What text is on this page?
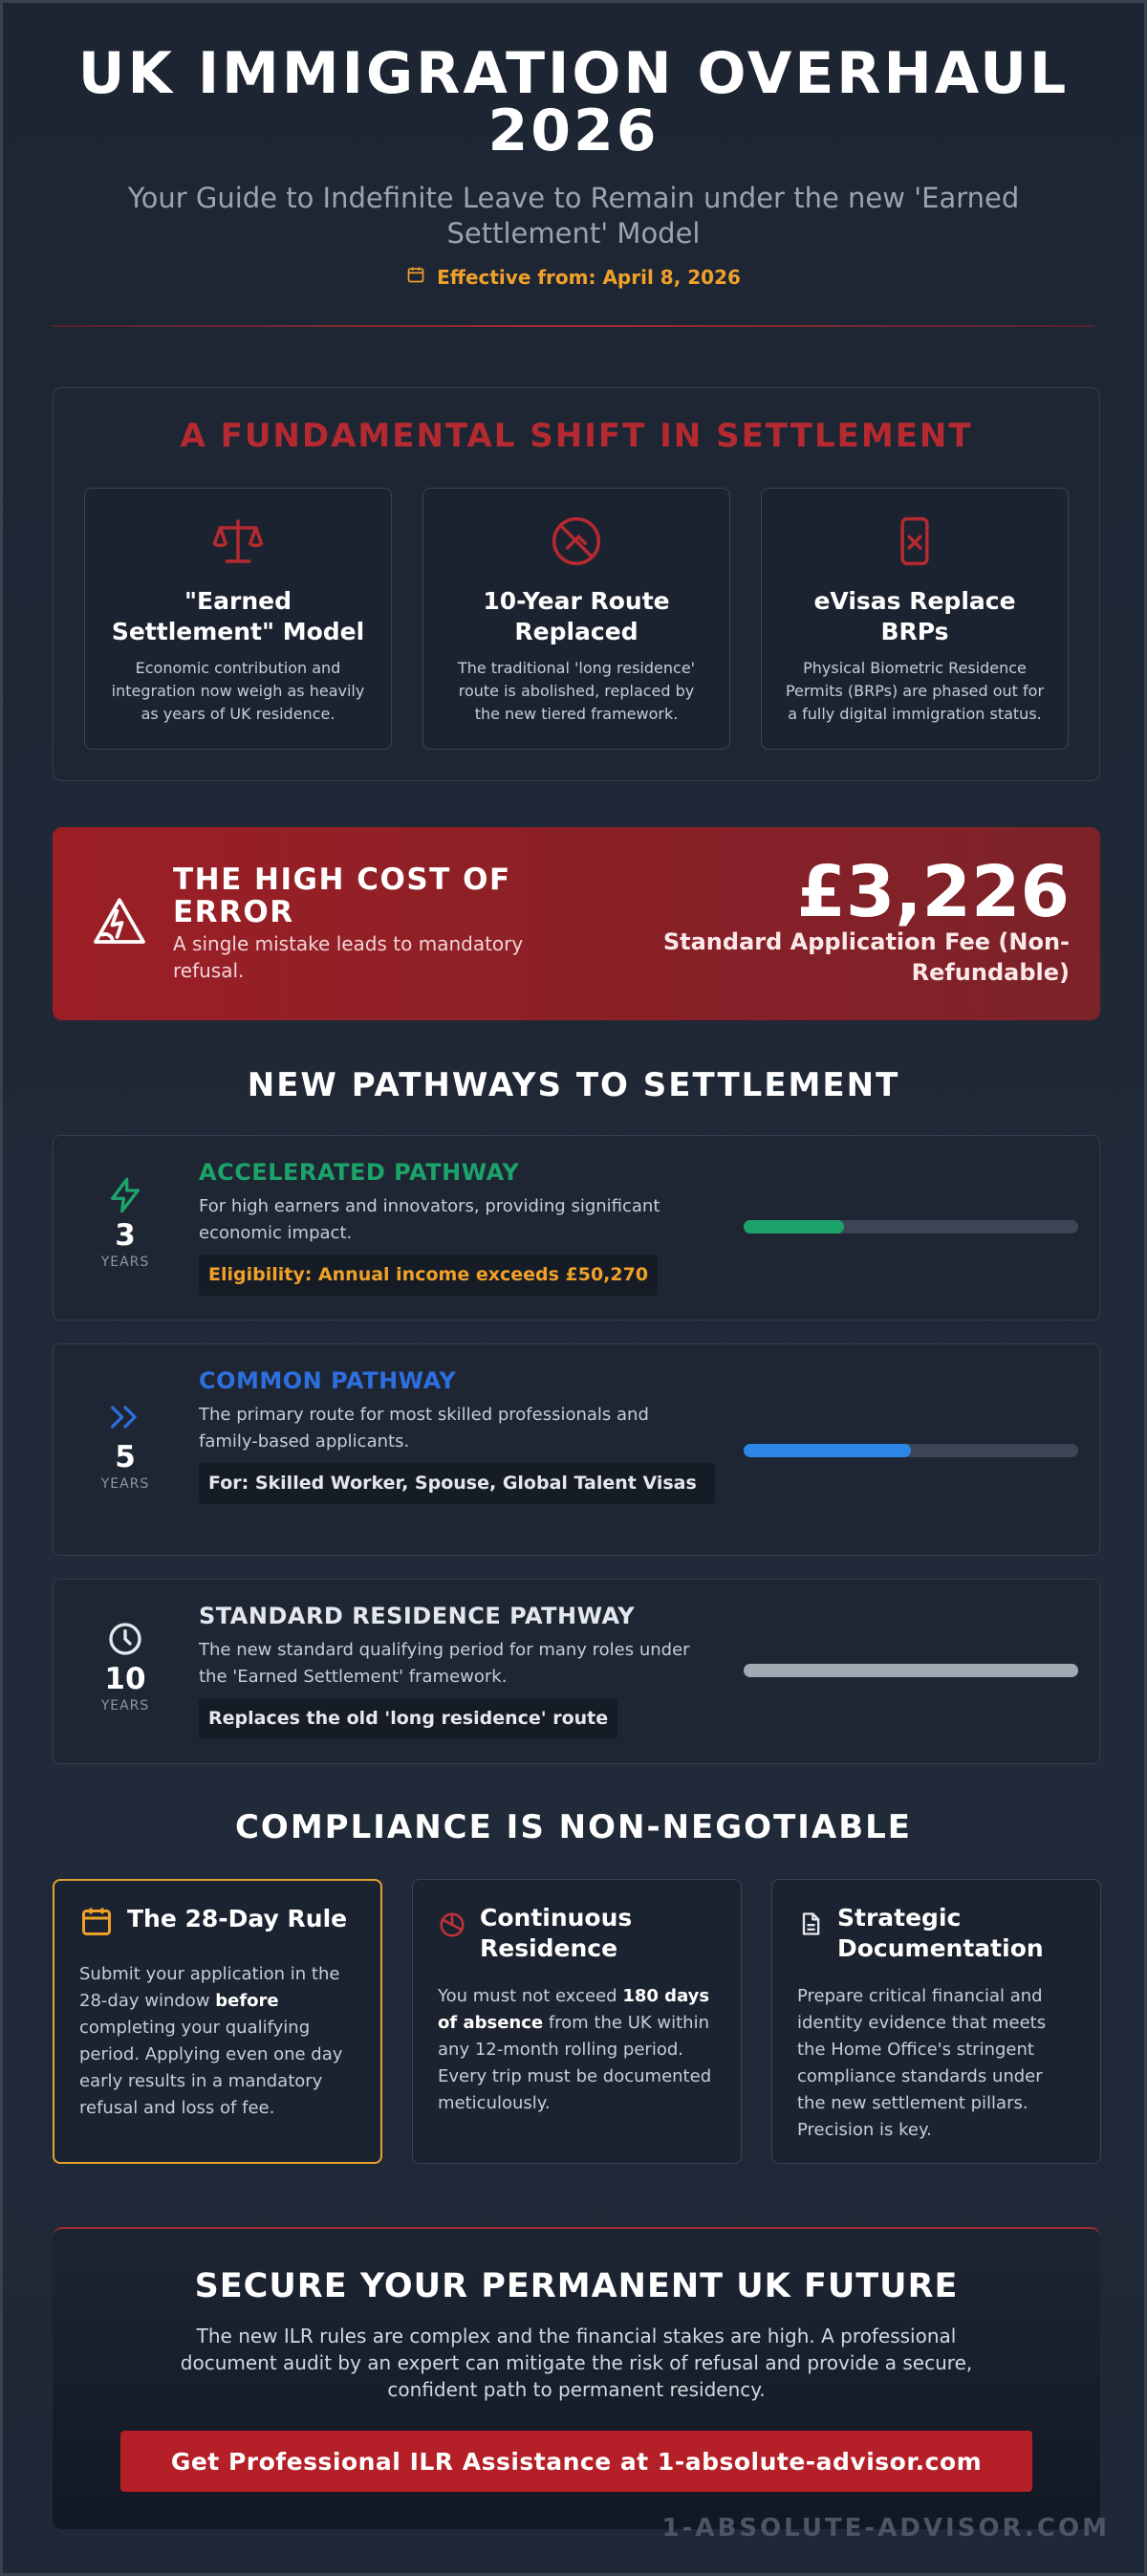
UK IMMIGRATION OVERHAUL
2026
Your Guide to Indefinite Leave to Remain under the new 'Earned Settlement' Model
Effective from: April 8, 2026
A FUNDAMENTAL SHIFT IN SETTLEMENT
"Earned Settlement" Model

Economic contribution and integration now weigh as heavily as years of UK residence.

10-Year Route Replaced

The traditional 'long residence' route is abolished, replaced by the new tiered framework.

eVisas Replace BRPs

Physical Biometric Residence Permits (BRPs) are phased out for a fully digital immigration status.

THE HIGH COST OF ERROR
A single mistake leads to mandatory refusal.
£3,226
Standard Application Fee (Non-Refundable)
NEW PATHWAYS TO SETTLEMENT
3
YEARS
ACCELERATED PATHWAY
For high earners and innovators, providing significant economic impact.
Eligibility: Annual income exceeds £50,270
5
YEARS
COMMON PATHWAY
The primary route for most skilled professionals and family-based applicants.
For: Skilled Worker, Spouse, Global Talent Visas
10
YEARS
STANDARD RESIDENCE PATHWAY
The new standard qualifying period for many roles under the 'Earned Settlement' framework.
Replaces the old 'long residence' route
COMPLIANCE IS NON-NEGOTIABLE
The 28-Day Rule

Submit your application in the 28-day window before completing your qualifying period. Applying even one day early results in a mandatory refusal and loss of fee.

Continuous Residence

You must not exceed 180 days of absence from the UK within any 12-month rolling period. Every trip must be documented meticulously.

Strategic Documentation

Prepare critical financial and identity evidence that meets the Home Office's stringent compliance standards under the new settlement pillars. Precision is key.

SECURE YOUR PERMANENT UK FUTURE

The new ILR rules are complex and the financial stakes are high. A professional document audit by an expert can mitigate the risk of refusal and provide a secure, confident path to permanent residency.

Get Professional ILR Assistance at 1-absolute-advisor.com
1-ABSOLUTE-ADVISOR.COM
